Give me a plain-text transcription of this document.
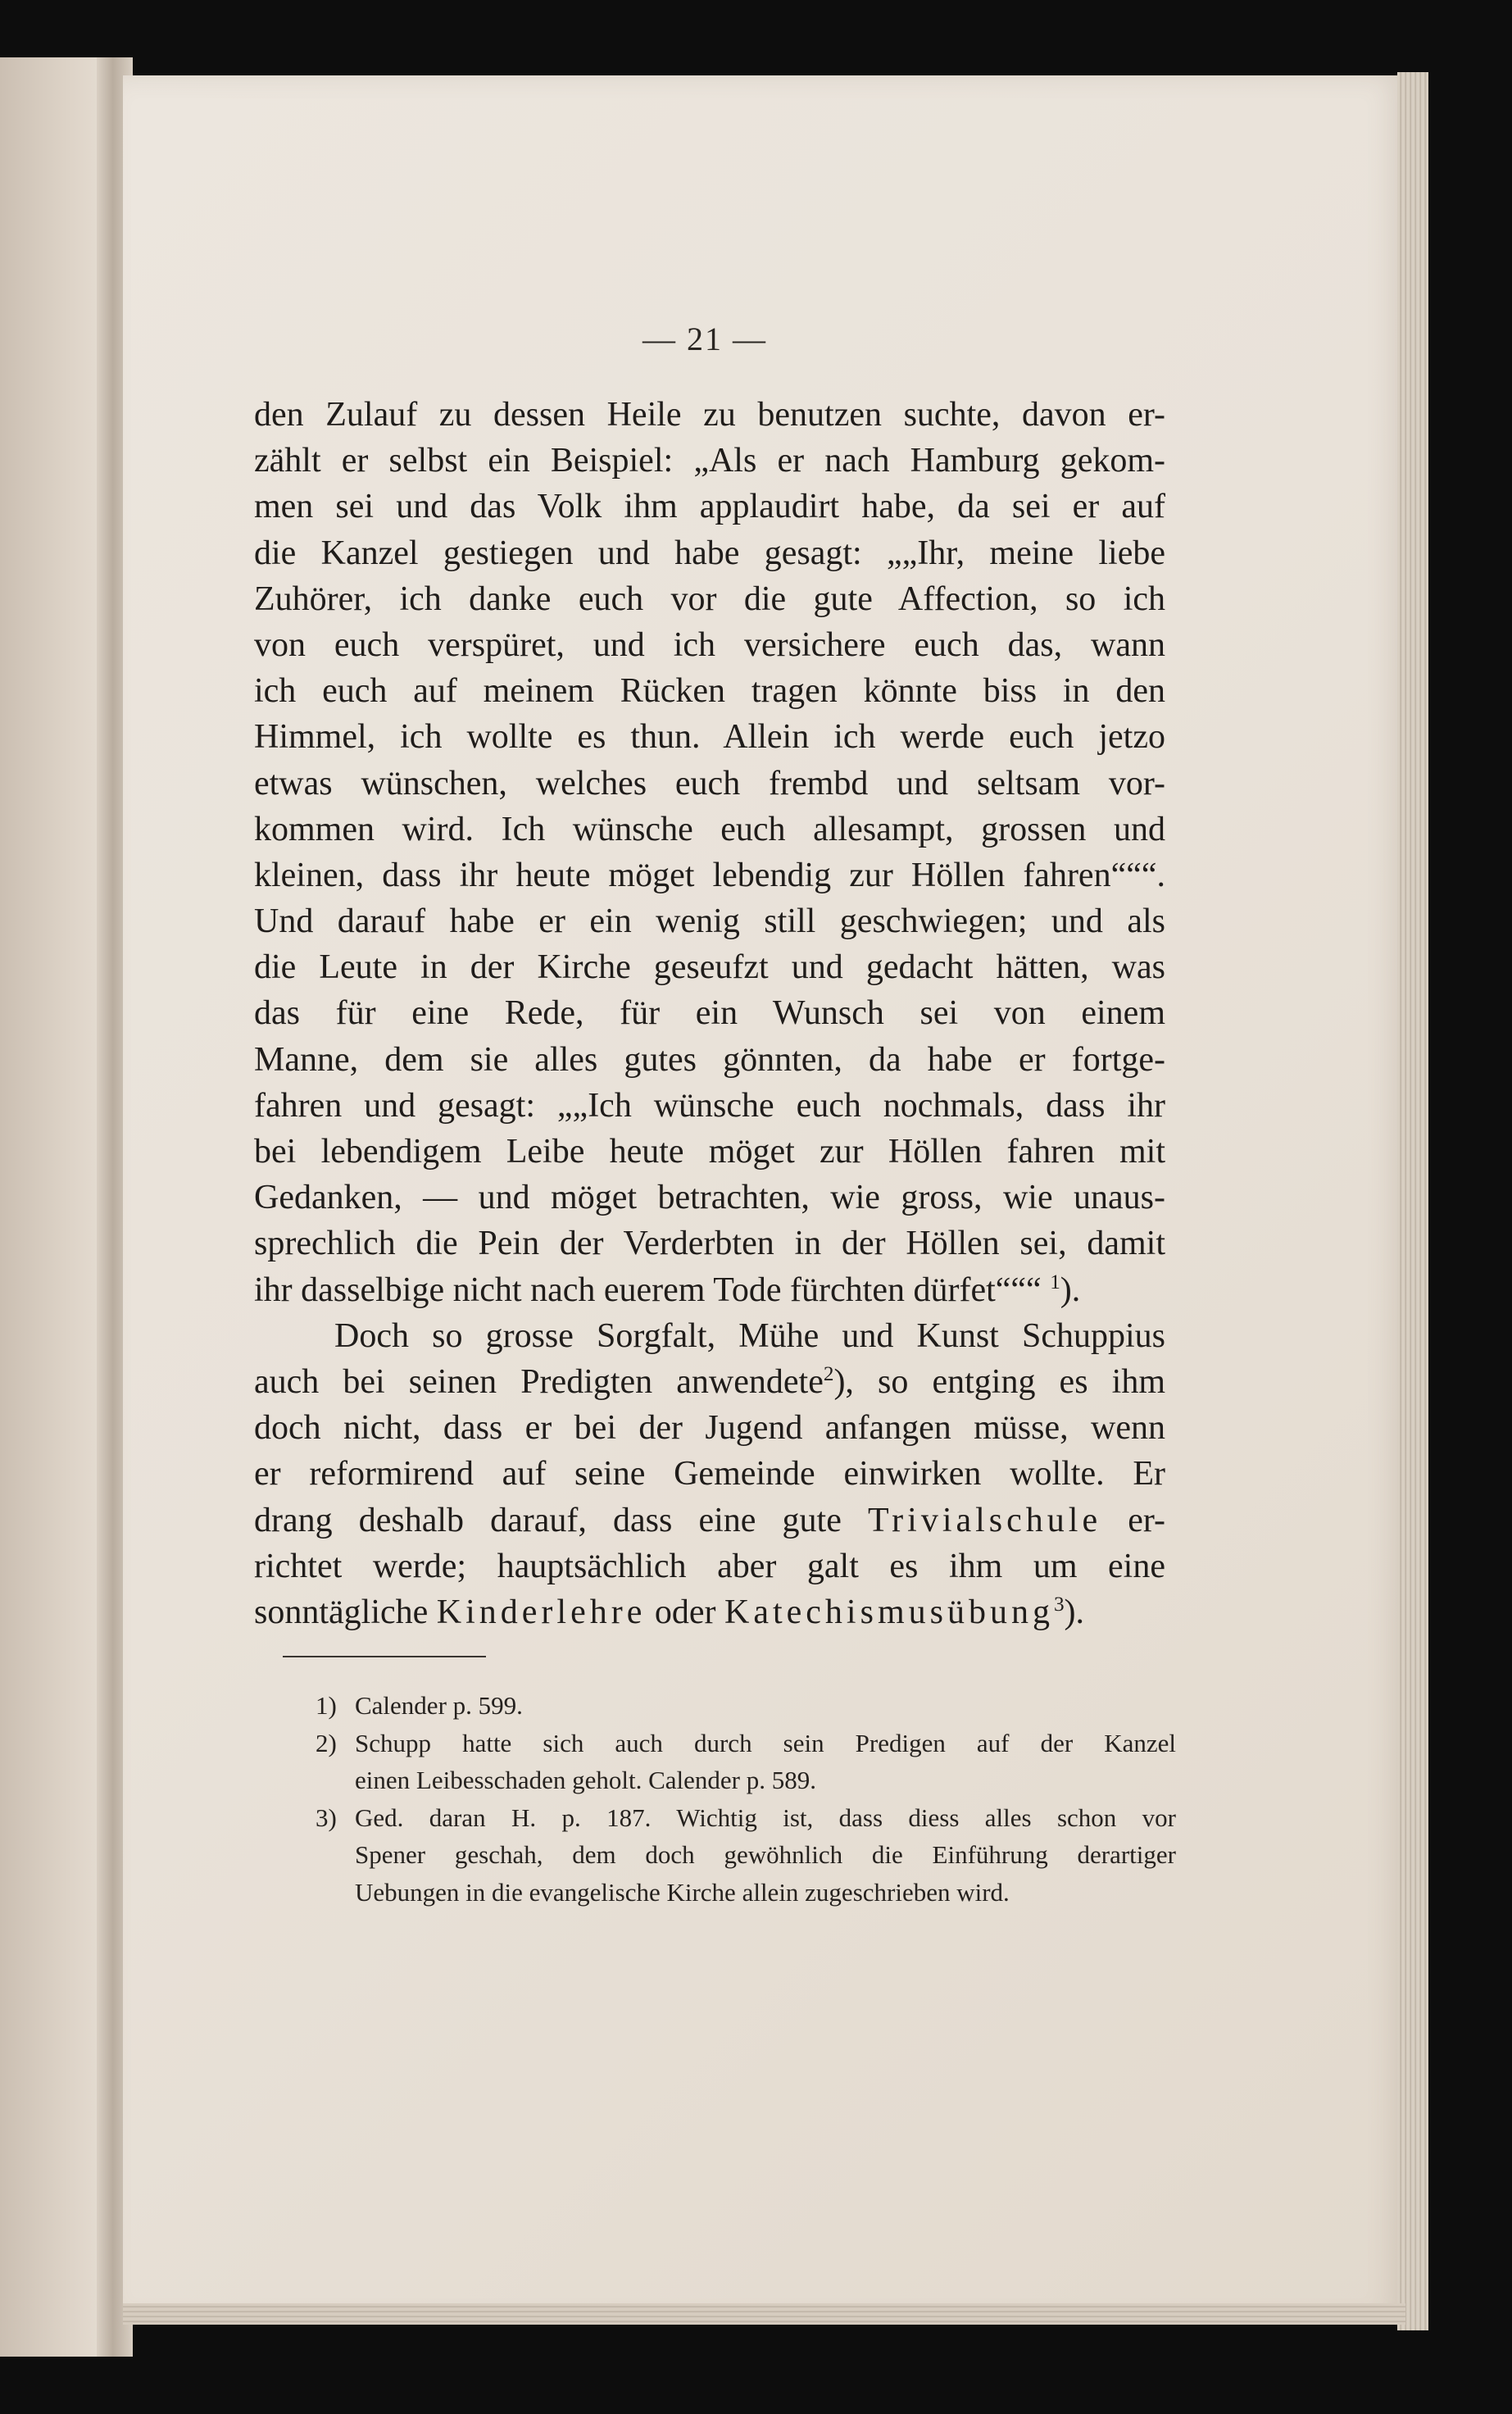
— 21 —
den Zulauf zu dessen Heile zu benutzen suchte, davon er-
zählt er selbst ein Beispiel: „Als er nach Hamburg gekom-
men sei und das Volk ihm applaudirt habe, da sei er auf
die Kanzel gestiegen und habe gesagt: „„Ihr, meine liebe
Zuhörer, ich danke euch vor die gute Affection, so ich
von euch verspüret, und ich versichere euch das, wann
ich euch auf meinem Rücken tragen könnte biss in den
Himmel, ich wollte es thun. Allein ich werde euch jetzo
etwas wünschen, welches euch frembd und seltsam vor-
kommen wird. Ich wünsche euch allesampt, grossen und
kleinen, dass ihr heute möget lebendig zur Höllen fahren“““.
Und darauf habe er ein wenig still geschwiegen; und als
die Leute in der Kirche geseufzt und gedacht hätten, was
das für eine Rede, für ein Wunsch sei von einem
Manne, dem sie alles gutes gönnten, da habe er fortge-
fahren und gesagt: „„Ich wünsche euch nochmals, dass ihr
bei lebendigem Leibe heute möget zur Höllen fahren mit
Gedanken, — und möget betrachten, wie gross, wie unaus-
sprechlich die Pein der Verderbten in der Höllen sei, damit
ihr dasselbige nicht nach euerem Tode fürchten dürfet“““ $^1$).
Doch so grosse Sorgfalt, Mühe und Kunst Schuppius
auch bei seinen Predigten anwendete$^2$), so entging es ihm
doch nicht, dass er bei der Jugend anfangen müsse, wenn
er reformirend auf seine Gemeinde einwirken wollte. Er
drang deshalb darauf, dass eine gute Trivialschule er-
richtet werde; hauptsächlich aber galt es ihm um eine
sonntägliche Kinderlehre oder Katechismusübung$^3$).
1) Calender p. 599.
2) Schupp hatte sich auch durch sein Predigen auf der Kanzel
einen Leibesschaden geholt. Calender p. 589.
3) Ged. daran H. p. 187. Wichtig ist, dass diess alles schon vor
Spener geschah, dem doch gewöhnlich die Einführung derartiger
Uebungen in die evangelische Kirche allein zugeschrieben wird.
